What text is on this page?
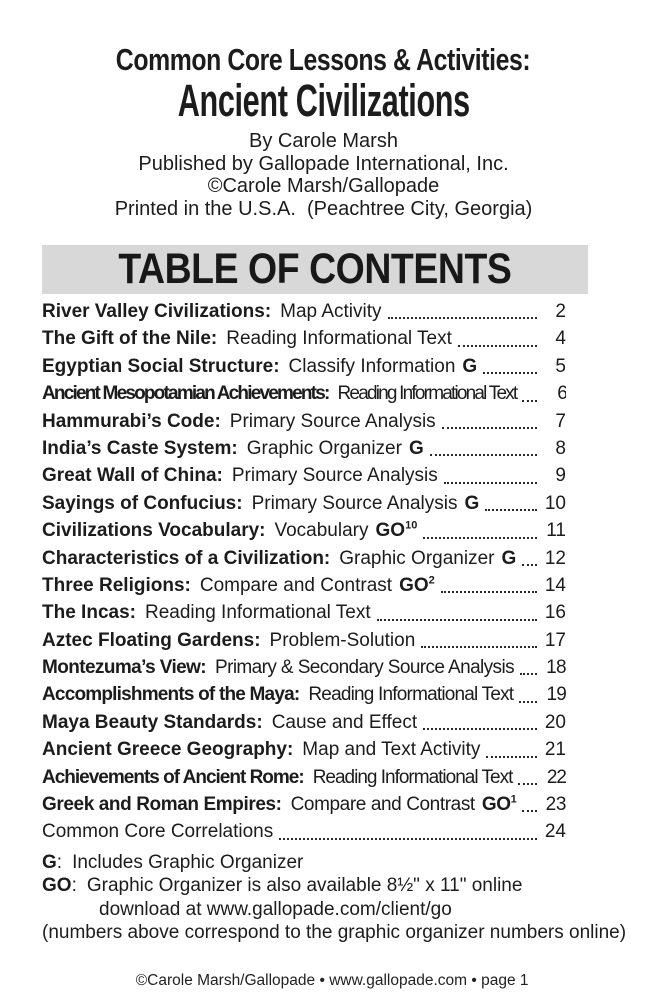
Common Core Lessons & Activities:
Ancient Civilizations

By Carole Marsh

Published by Gallopade International, Inc.

©Carole Marsh/Gallopade

Printed in the U.S.A.  (Peachtree City, Georgia)

TABLE OF CONTENTS
River Valley Civilizations: Map Activity	2
The Gift of the Nile: Reading Informational Text	4
Egyptian Social Structure: Classify Information G	5
Ancient Mesopotamian Achievements: Reading Informational Text	6
Hammurabi’s Code: Primary Source Analysis	7
India’s Caste System: Graphic Organizer G	8
Great Wall of China: Primary Source Analysis	9
Sayings of Confucius: Primary Source Analysis G	10
Civilizations Vocabulary: Vocabulary GO$^{10}$	11
Characteristics of a Civilization: Graphic Organizer G 12
Three Religions: Compare and Contrast $GO^2$	14
The Incas: Reading Informational Text	16
Aztec Floating Gardens: Problem-Solution	17
Montezuma’s View: Primary & Secondary Source Analysis 18
Accomplishments of the Maya: Reading Informational Text 19
Maya Beauty Standards: Cause and Effect	20
Ancient Greece Geography: Map and Text Activity	21
Achievements of Ancient Rome: Reading Informational Text 22
Greek and Roman Empires: Compare and Contrast $GO^1$ 23
Common Core Correlations	24
G: Includes Graphic Organizer
GO: Graphic Organizer is also available 8½" x 11" online
download at www.gallopade.com/client/go
(numbers above correspond to the graphic organizer numbers online)

©Carole Marsh/Gallopade • www.gallopade.com • page 1
